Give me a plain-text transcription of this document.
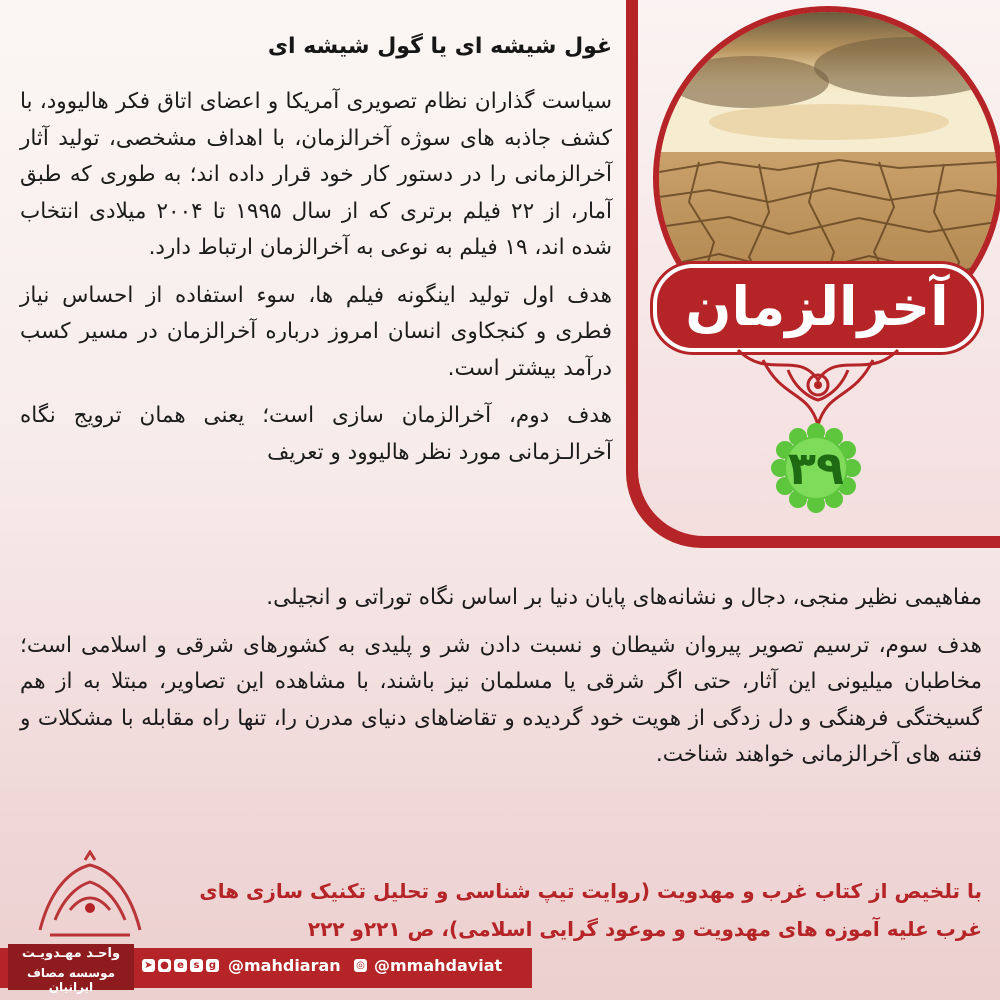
آخرالزمان
۳۹
غول شیشه ای یا گول شیشه ای

سیاست گذاران نظام تصویری آمریکا و اعضای اتاق فکر هالیوود، با کشف جاذبه های سوژه آخرالزمان، با اهداف مشخصی، تولید آثار آخرالزمانی را در دستور کار خود قرار داده اند؛ به طوری که طبق آمار، از ۲۲ فیلم برتری که از سال ۱۹۹۵ تا ۲۰۰۴ میلادی انتخاب شده اند، ۱۹ فیلم به نوعی به آخرالزمان ارتباط دارد.

هدف اول تولید اینگونه فیلم ها، سوء استفاده از احساس نیاز فطری و کنجکاوی انسان امروز درباره آخرالزمان در مسیر کسب درآمد بیشتر است.

هدف دوم، آخرالزمان سازی است؛ یعنی همان ترویج نگاه آخرالـزمانی مورد نظر هالیوود و تعریف

مفاهیمی نظیر منجی، دجال و نشانه‌های پایان دنیا بر اساس نگاه توراتی و انجیلی.

هدف سوم، ترسیم تصویر پیروان شیطان و نسبت دادن شر و پلیدی به کشورهای شرقی و اسلامی است؛ مخاطبان میلیونی این آثار، حتی اگر شرقی یا مسلمان نیز باشند، با مشاهده این تصاویر، مبتلا به از هم گسیختگی فرهنگی و دل زدگی از هویت خود گردیده و تقاضاهای دنیای مدرن را، تنها راه مقابله با مشکلات و فتنه های آخرالزمانی خواهند شناخت.

با تلخیص از کتاب غرب و مهدویت (روایت تیپ شناسی و تحلیل تکنیک سازی های غرب علیه آموزه های مهدویت و موعود گرایی اسلامی)، ص ۲۲۱و ۲۲۲
واحـد مهـدویـت
موسسه مصاف ایرانیان
➤ ● e s g @mahdiaran ◎ @mmahdaviat
